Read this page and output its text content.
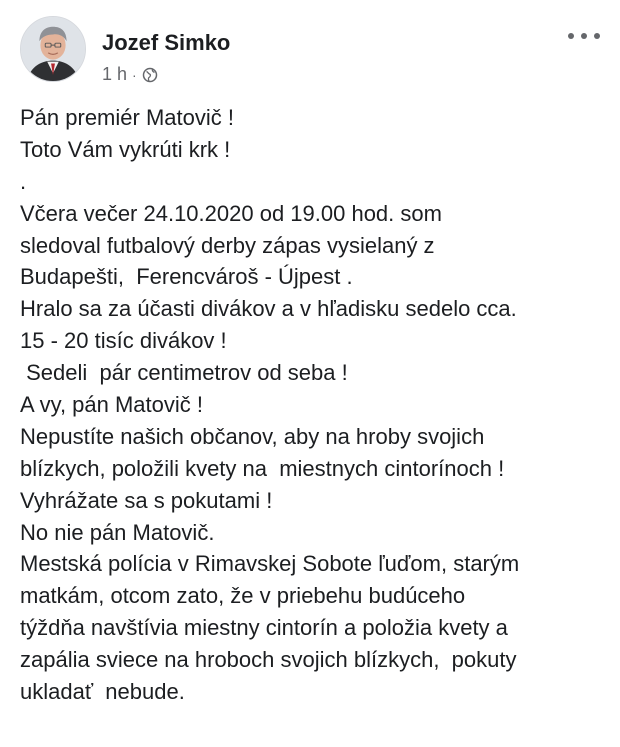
Jozef Simko
1 h ·
Pán premiér Matovič !
Toto Vám vykrúti krk !
.
Včera večer 24.10.2020 od 19.00 hod. som
sledoval futbalový derby zápas vysielaný z
Budapešti,  Ferencvároš - Újpest .
Hralo sa za účasti divákov a v hľadisku sedelo cca.
15 - 20 tisíc divákov !
Sedeli  pár centimetrov od seba !
A vy, pán Matovič !
Nepustíte našich občanov, aby na hroby svojich
blízkych, položili kvety na  miestnych cintorínoch !
Vyhrážate sa s pokutami !
No nie pán Matovič.
Mestská polícia v Rimavskej Sobote ľuďom, starým
matkám, otcom zato, že v priebehu budúceho
týždňa navštívia miestny cintorín a položia kvety a
zapália sviece na hroboch svojich blízkych,  pokuty
ukladať  nebude.
